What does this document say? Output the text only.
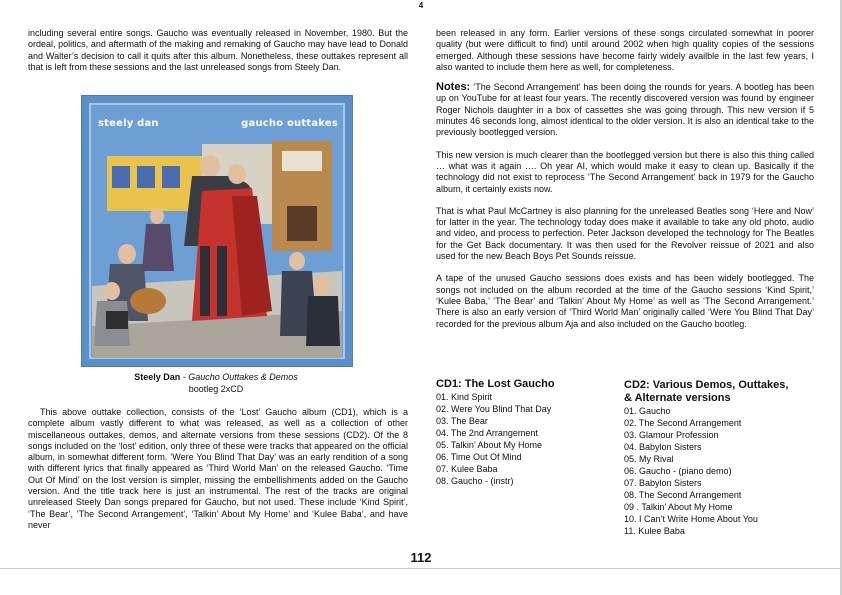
4

including several entire songs. Gaucho was eventually released in November, 1980. But the ordeal, politics, and aftermath of the making and remaking of Gaucho may have lead to Donald and Walter’s decision to call it quits after this album. Nonetheless, these outtakes represent all that is left from these sessions and the last unreleased songs from Steely Dan.

steely dan	gaucho outtakes
Steely Dan - Gaucho Outtakes & Demos
bootleg 2xCD

This above outtake collection, consists of the ‘Lost’ Gaucho album (CD1), which is a complete album vastly different to what was released, as well as a collection of other miscellaneous outtakes, demos, and alternate versions from these sessions (CD2). Of the 8 songs included on the ‘lost’ edition, only three of these were tracks that appeared on the official album, in somewhat different form. ‘Were You Blind That Day’ was an early rendition of a song with different lyrics that finally appeared as ‘Third World Man’ on the released Gaucho. ‘Time Out Of Mind’ on the lost version is simpler, missing the embellishments added on the Gaucho version. And the title track here is just an instrumental. The rest of the tracks are original unreleased Steely Dan songs prepared for Gaucho, but not used. These include ‘Kind Spirit’, ‘The Bear’, ‘The Second Arrangement’, ‘Talkin’ About My Home’ and ‘Kulee Baba’, and have never

been released in any form. Earlier versions of these songs circulated somewhat in poorer quality (but were difficult to find) until around 2002 when high quality copies of the sessions emerged. Although these sessions have become fairly widely availble in the last few years, I also wanted to include them here as well, for completeness.

Notes: ‘The Second Arrangement’ has been doing the rounds for years. A bootleg has been up on YouTube for at least four years. The recently discovered version was found by engineer Roger Nichols daughter in a box of cassettes she was going through. This new version if 5 minutes 46 seconds long, almost identical to the older version. It is also an identical take to the previously bootlegged version.

This new version is much clearer than the bootlegged version but there is also this thing called … what was it again …. Oh year AI, which would make it easy to clean up. Basically if the technology did not exist to reprocess ‘The Second Arrangement’ back in 1979 for the Gaucho album, it certainly exists now.

That is what Paul McCartney is also planning for the unreleased Beatles song ‘Here and Now’ for latter in the year. The technology today does make it available to take any old photo, audio and video, and process to perfection. Peter Jackson developed the technology for The Beatles for the Get Back documentary. It was then used for the Revolver reissue of 2021 and also used for the new Beach Boys Pet Sounds reissue.

A tape of the unused Gaucho sessions does exists and has been widely bootlegged. The songs not included on the album recorded at the time of the Gaucho sessions ‘Kind Spirit,’ ‘Kulee Baba,’ ‘The Bear’ and ‘Talkin’ About My Home’ as well as ‘The Second Arrangement.’ There is also an early version of ‘Third World Man’ originally called ‘Were You Blind That Day’ recorded for the previous album Aja and also included on the Gaucho bootleg.

CD1: The Lost Gaucho
01. Kind Spirit
02. Were You Blind That Day
03. The Bear
04. The 2nd Arrangement
05. Talkin’ About My Home
06. Time Out Of Mind
07. Kulee Baba
08. Gaucho - (instr)
CD2: Various Demos, Outtakes,
& Alternate versions
01. Gaucho
02. The Second Arrangement
03. Glamour Profession
04. Babylon Sisters
05. My Rival
06. Gaucho - (piano demo)
07. Babylon Sisters
08. The Second Arrangement
09 . Talkin’ About My Home
10. I Can’t Write Home About You
11. Kulee Baba
112
